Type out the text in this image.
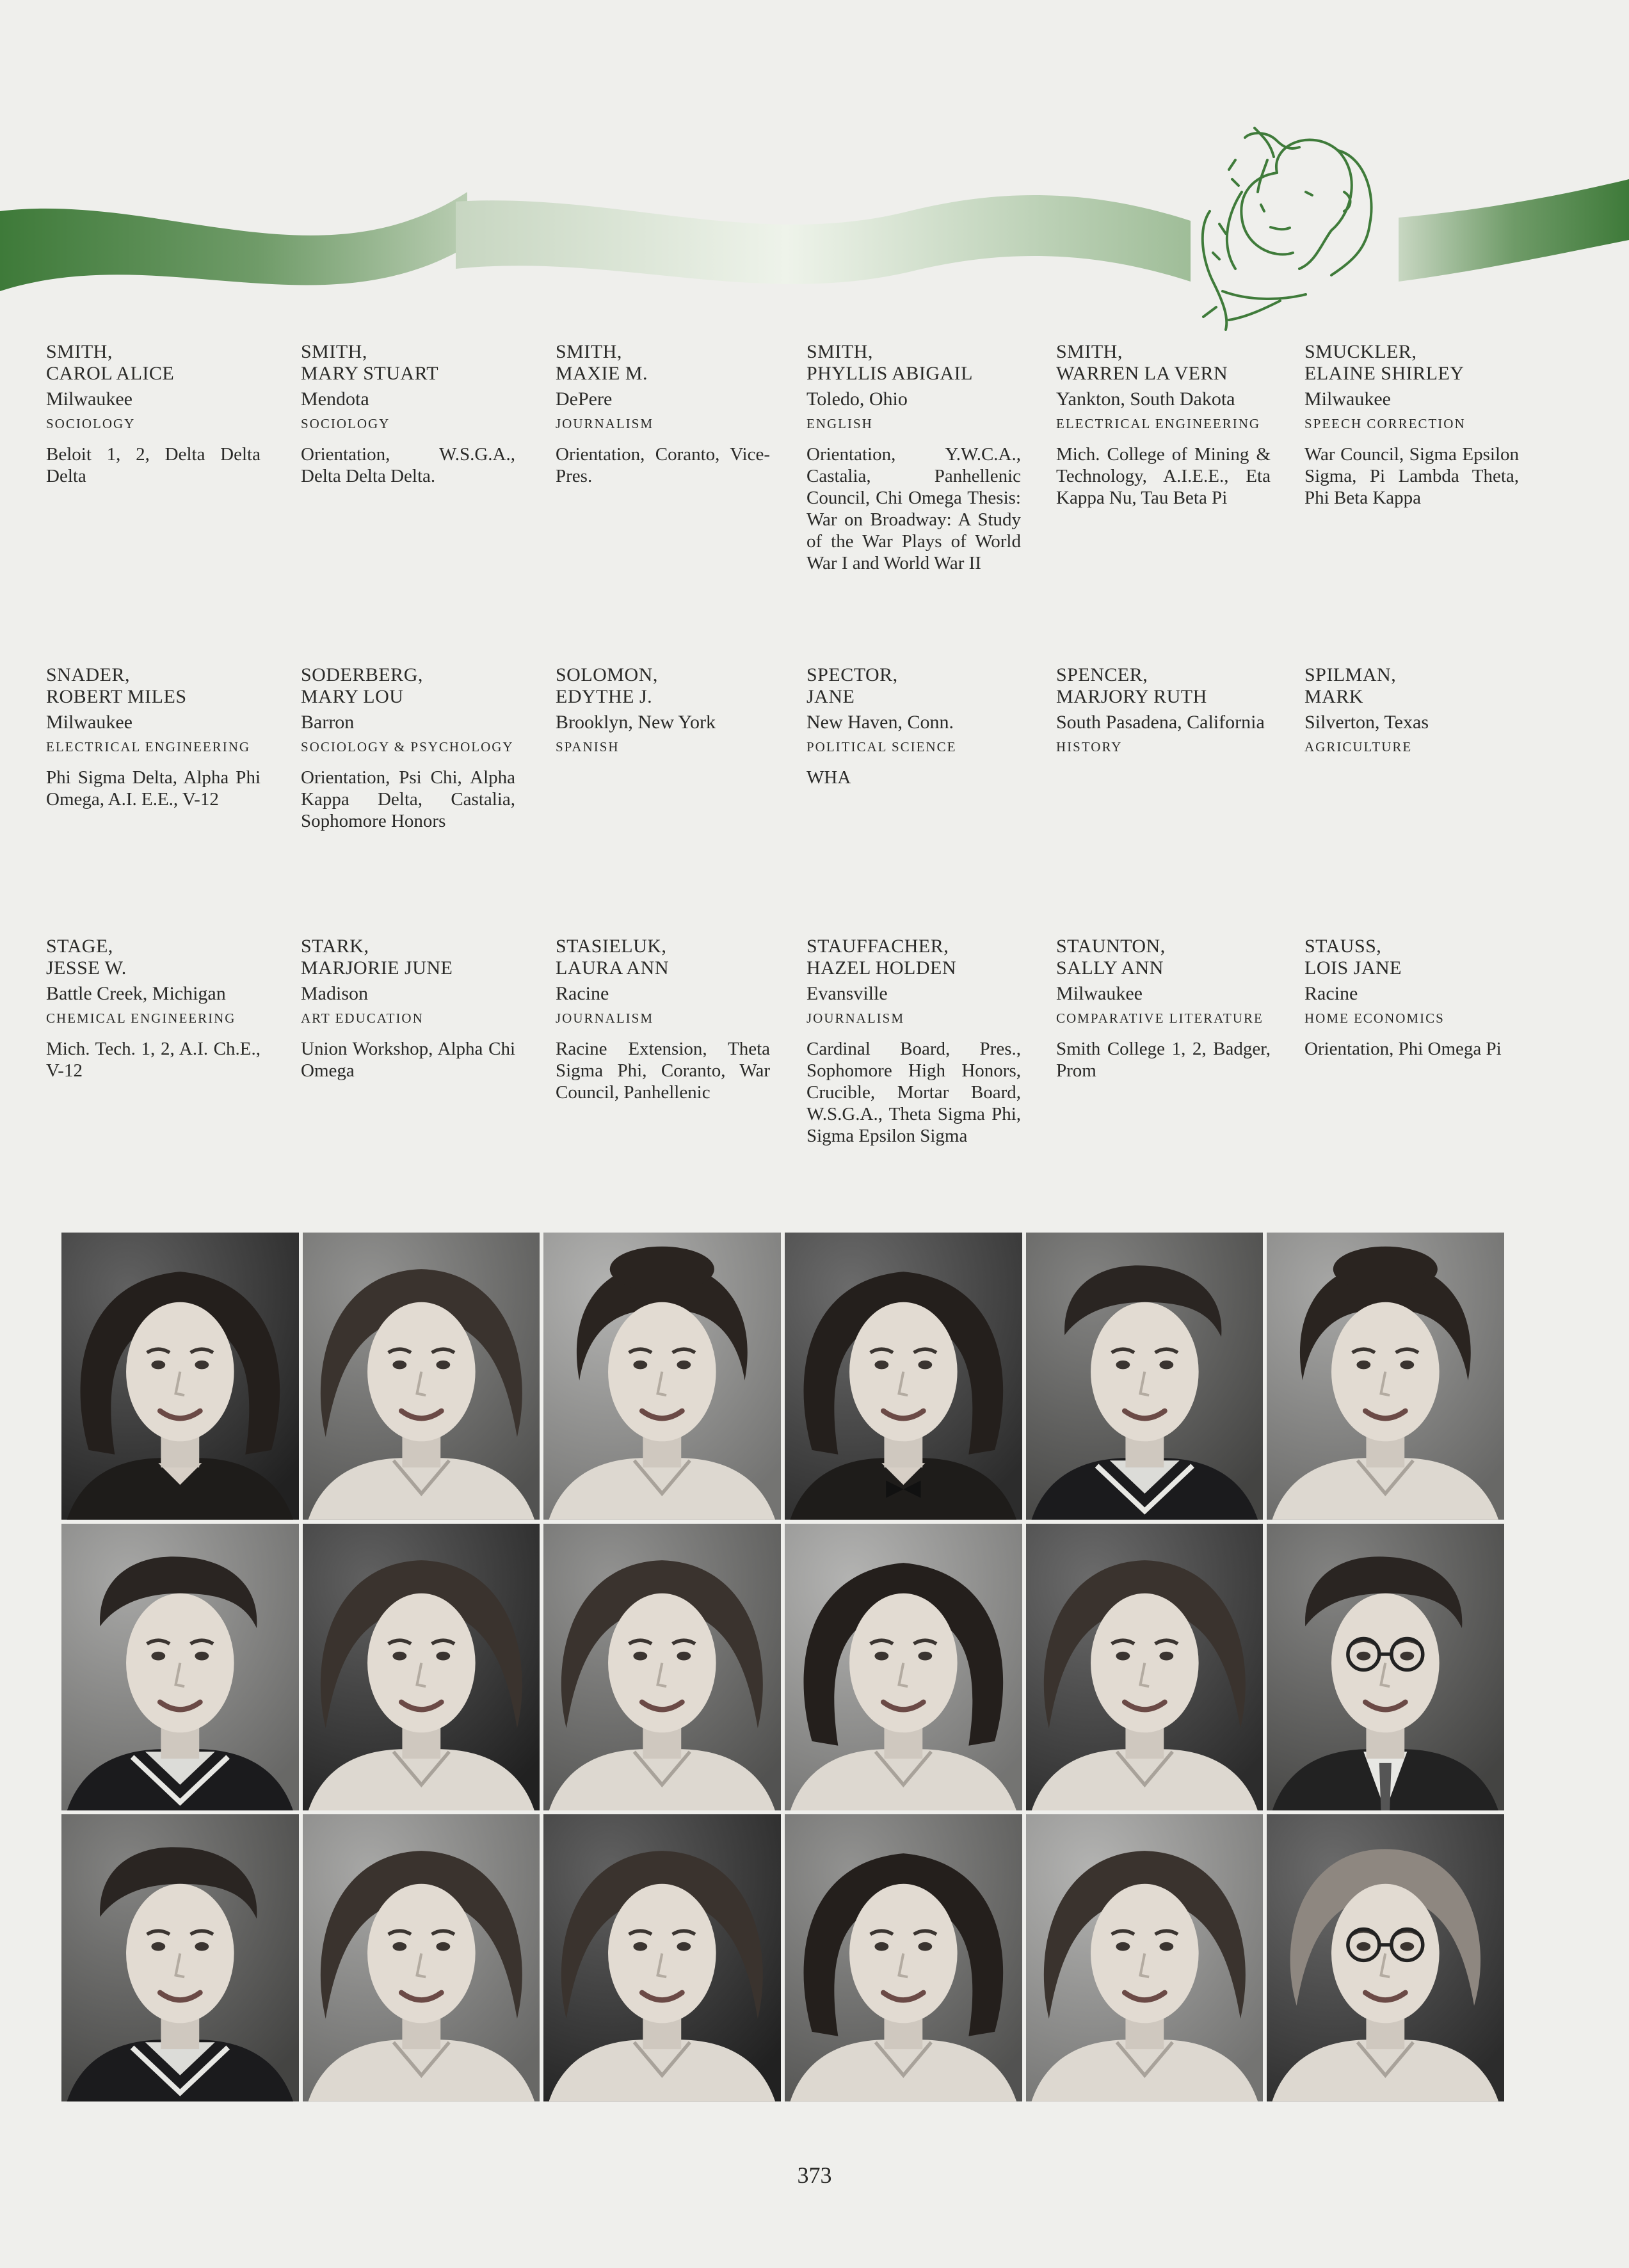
SMITH,
CAROL ALICE
Milwaukee
SOCIOLOGY
Beloit 1, 2, Delta Delta Delta
SMITH,
MARY STUART
Mendota
SOCIOLOGY
Orientation, W.S.G.A., Delta Delta Delta.
SMITH,
MAXIE M.
DePere
JOURNALISM
Orientation, Coranto, Vice-Pres.
SMITH,
PHYLLIS ABIGAIL
Toledo, Ohio
ENGLISH
Orientation, Y.W.C.A., Castalia, Panhellenic Council, Chi Omega Thesis: War on Broadway: A Study of the War Plays of World War I and World War II
SMITH,
WARREN LA VERN
Yankton, South Dakota
ELECTRICAL ENGINEERING
Mich. College of Mining & Technology, A.I.E.E., Eta Kappa Nu, Tau Beta Pi
SMUCKLER,
ELAINE SHIRLEY
Milwaukee
SPEECH CORRECTION
War Council, Sigma Epsilon Sigma, Pi Lambda Theta, Phi Beta Kappa
SNADER,
ROBERT MILES
Milwaukee
ELECTRICAL ENGINEERING
Phi Sigma Delta, Alpha Phi Omega, A.I. E.E., V-12
SODERBERG,
MARY LOU
Barron
SOCIOLOGY & PSYCHOLOGY
Orientation, Psi Chi, Alpha Kappa Delta, Castalia, Sophomore Honors
SOLOMON,
EDYTHE J.
Brooklyn, New York
SPANISH
SPECTOR,
JANE
New Haven, Conn.
POLITICAL SCIENCE
WHA
SPENCER,
MARJORY RUTH
South Pasadena, California
HISTORY
SPILMAN,
MARK
Silverton, Texas
AGRICULTURE
STAGE,
JESSE W.
Battle Creek, Michigan
CHEMICAL ENGINEERING
Mich. Tech. 1, 2, A.I. Ch.E., V-12
STARK,
MARJORIE JUNE
Madison
ART EDUCATION
Union Workshop, Alpha Chi Omega
STASIELUK,
LAURA ANN
Racine
JOURNALISM
Racine Extension, Theta Sigma Phi, Coranto, War Council, Panhellenic
STAUFFACHER,
HAZEL HOLDEN
Evansville
JOURNALISM
Cardinal Board, Pres., Sophomore High Honors, Crucible, Mortar Board, W.S.G.A., Theta Sigma Phi, Sigma Epsilon Sigma
STAUNTON,
SALLY ANN
Milwaukee
COMPARATIVE LITERATURE
Smith College 1, 2, Badger, Prom
STAUSS,
LOIS JANE
Racine
HOME ECONOMICS
Orientation, Phi Omega Pi
373
